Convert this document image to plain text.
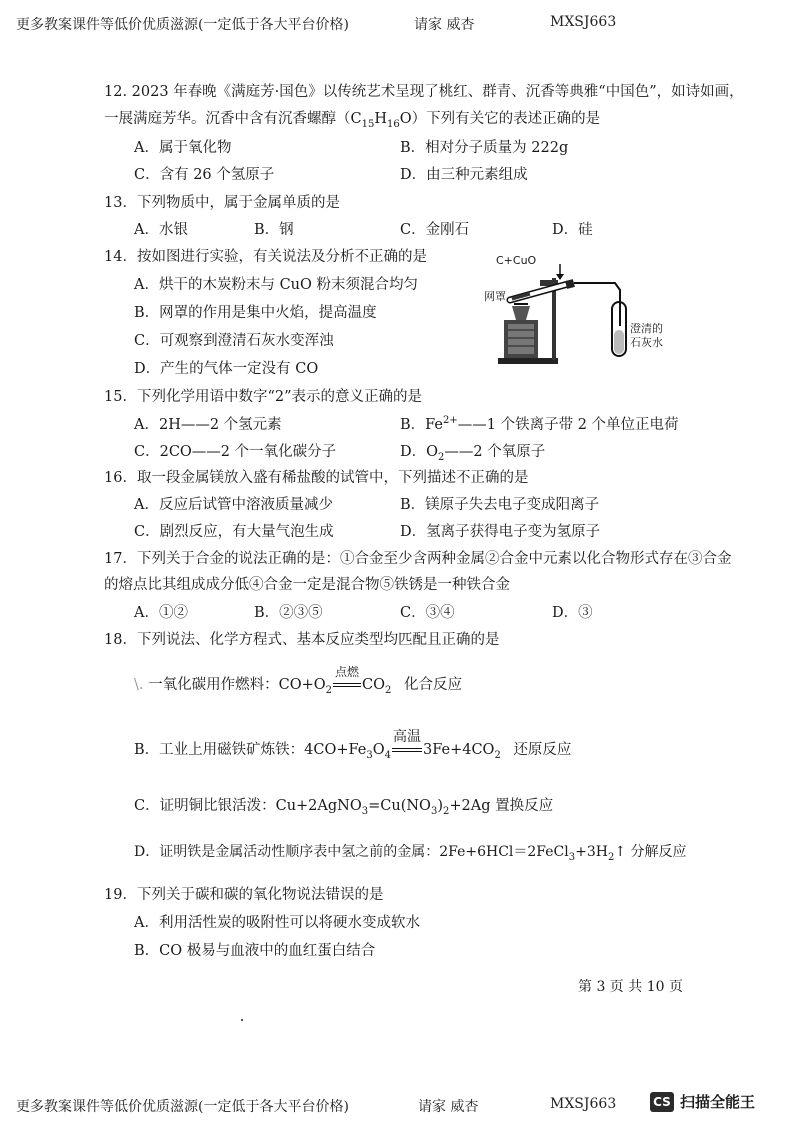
更多教案课件等低价优质滋源(一定低于各大平台价格)	请家 威杏	MXSJ663
12. 2023 年春晚《满庭芳·国色》以传统艺术呈现了桃红、群青、沉香等典雅“中国色”，如诗如画，
一展满庭芳华。沉香中含有沉香螺醇$(C_{15}H_{16}O)$下列有关它的表述正确的是
A．属于氧化物	B．相对分子质量为 222g
C．含有 26 个氢原子	D．由三种元素组成
13．下列物质中，属于金属单质的是
A．水银	B．钢	C．金刚石	D．硅
14．按如图进行实验，有关说法及分析不正确的是
A．烘干的木炭粉末与 CuO 粉末须混合均匀
B．网罩的作用是集中火焰，提高温度
C．可观察到澄清石灰水变浑浊
D．产生的气体一定没有 CO
C+CuO
网罩
澄清的
石灰水
15．下列化学用语中数字“2”表示的意义正确的是
A．2H——2 个氢元素	B．$Fe^{2+}——1$ 个铁离子带 2 个单位正电荷
C．2CO——2 个一氧化碳分子	D．$O_2——2$ 个氧原子
16．取一段金属镁放入盛有稀盐酸的试管中，下列描述不正确的是
A．反应后试管中溶液质量减少	B．镁原子失去电子变成阳离子
C．剧烈反应，有大量气泡生成	D．氢离子获得电子变为氢原子
17．下列关于合金的说法正确的是：①合金至少含两种金属②合金中元素以化合物形式存在③合金
的熔点比其组成成分低④合金一定是混合物⑤铁锈是一种铁合金
A．①②	B．②③⑤	C．③④	D．③
18．下列说法、化学方程式、基本反应类型均匹配且正确的是
\. 一氧化碳用作燃料：$CO+O_2$
点燃
$CO_2$ 化合反应
B．工业上用磁铁矿炼铁：$4CO+Fe_3O_4$
高温
$3Fe+4CO_2$ 还原反应
C．证明铜比银活泼：$Cu+2AgNO_3=Cu(NO_3)_2+2Ag$ 置换反应
D．证明铁是金属活动性顺序表中氢之前的金属：$2Fe+6HCl=2FeCl_3+3H_2↑$ 分解反应
19．下列关于碳和碳的氧化物说法错误的是
A．利用活性炭的吸附性可以将硬水变成软水
B．CO 极易与血液中的血红蛋白结合
第 3 页 共 10 页
更多教案课件等低价优质滋源(一定低于各大平台价格)	请家 威杏	MXSJ663	CS 扫描全能王
